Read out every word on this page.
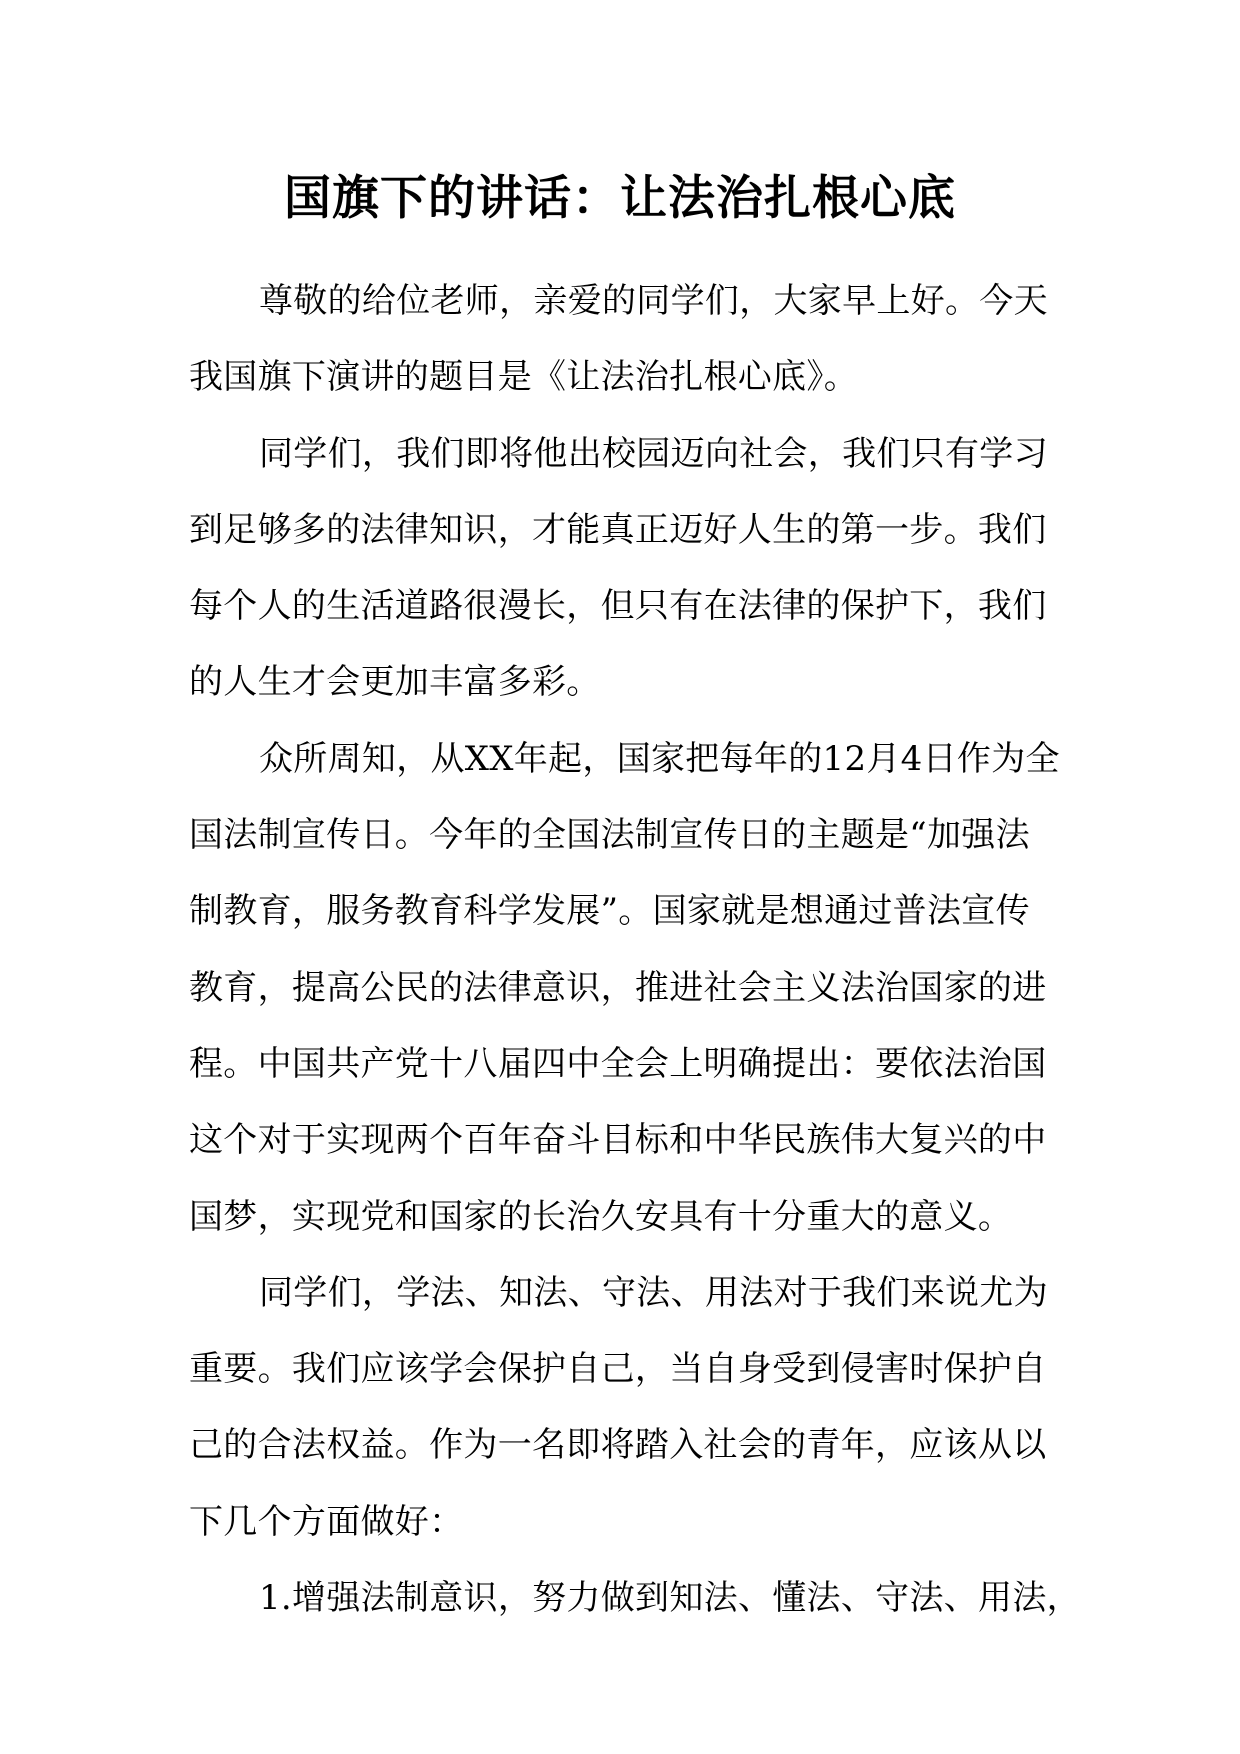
国旗下的讲话：让法治扎根心底
尊敬的给位老师，亲爱的同学们，大家早上好。今天
我国旗下演讲的题目是《让法治扎根心底》。
同学们，我们即将他出校园迈向社会，我们只有学习
到足够多的法律知识，才能真正迈好人生的第一步。我们
每个人的生活道路很漫长，但只有在法律的保护下，我们
的人生才会更加丰富多彩。
众所周知，从XX年起，国家把每年的12月4日作为全
国法制宣传日。今年的全国法制宣传日的主题是“加强法
制教育，服务教育科学发展”。国家就是想通过普法宣传
教育，提高公民的法律意识，推进社会主义法治国家的进
程。中国共产党十八届四中全会上明确提出：要依法治国
这个对于实现两个百年奋斗目标和中华民族伟大复兴的中
国梦，实现党和国家的长治久安具有十分重大的意义。
同学们，学法、知法、守法、用法对于我们来说尤为
重要。我们应该学会保护自己，当自身受到侵害时保护自
己的合法权益。作为一名即将踏入社会的青年，应该从以
下几个方面做好：
1.增强法制意识，努力做到知法、懂法、守法、用法，
